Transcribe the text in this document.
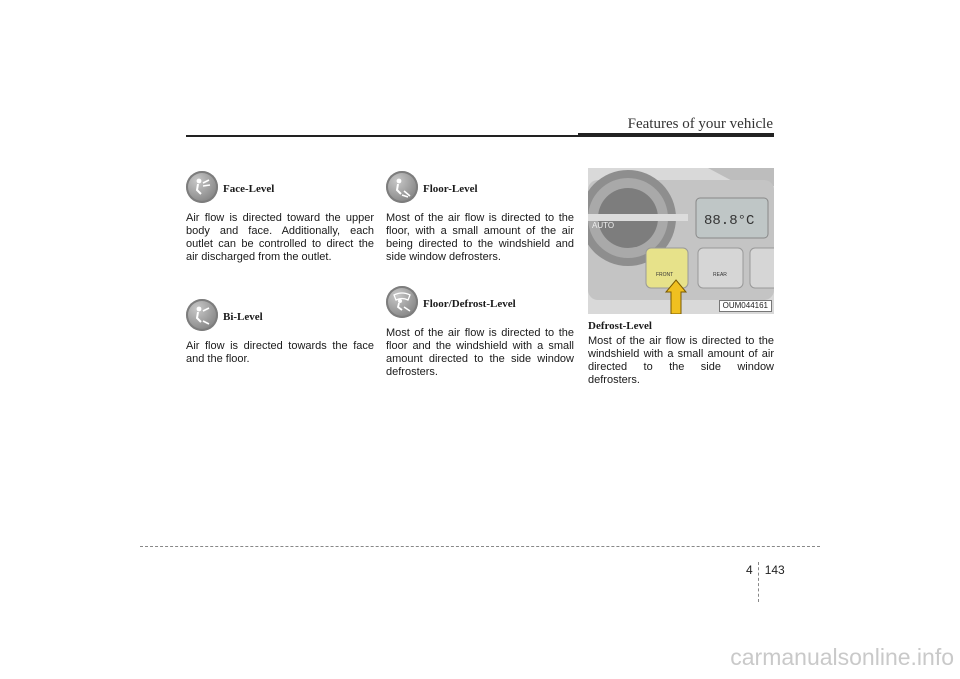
Features of your vehicle
Face-Level

Air flow is directed toward the upper body and face. Additionally, each outlet can be controlled to direct the air discharged from the outlet.

Bi-Level

Air flow is directed towards the face and the floor.

Floor-Level

Most of the air flow is directed to the floor, with a small amount of the air being directed to the windshield and side window defrosters.

Floor/Defrost-Level

Most of the air flow is directed to the floor and the windshield with a small amount directed to the side window defrosters.

AUTO	88.8°C
FRONT	REAR
OUM044161
Defrost-Level

Most of the air flow is directed to the windshield with a small amount of air directed to the side window defrosters.

4 143
carmanualsonline.info
